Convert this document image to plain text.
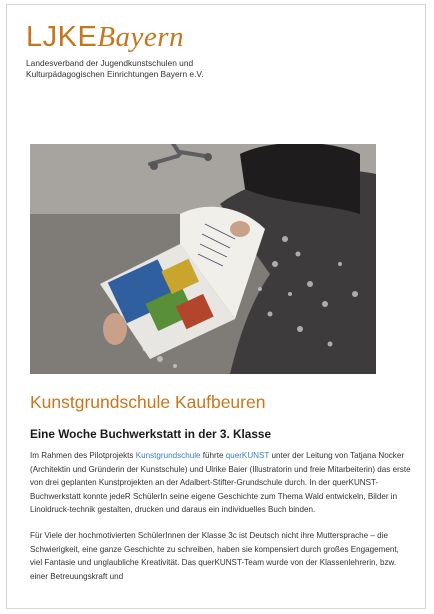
LJKEBayern
Landesverband der Jugendkunstschulen und
Kulturpädagogischen Einrichtungen Bayern e.V.
Kunstgrundschule Kaufbeuren
Eine Woche Buchwerkstatt in der 3. Klasse
Im Rahmen des Pilotprojekts Kunstgrundschule führte querKUNST unter der Leitung von Tatjana Nocker (Architektin und Gründerin der Kunstschule) und Ulrike Baier (Illustratorin und freie Mitarbeiterin) das erste von drei geplanten Kunstprojekten an der Adalbert-Stifter-Grundschule durch. In der querKUNST-Buchwerkstatt konnte jedeR SchülerIn seine eigene Geschichte zum Thema Wald entwickeln, Bilder in Linoldruck-technik gestalten, drucken und daraus ein individuelles Buch binden.
Für Viele der hochmotivierten SchülerInnen der Klasse 3c ist Deutsch nicht ihre Muttersprache – die Schwierigkeit, eine ganze Geschichte zu schreiben, haben sie kompensiert durch großes Engagement, viel Fantasie und unglaubliche Kreativität. Das querKUNST-Team wurde von der Klassenlehrerin, bzw. einer Betreuungskraft und
